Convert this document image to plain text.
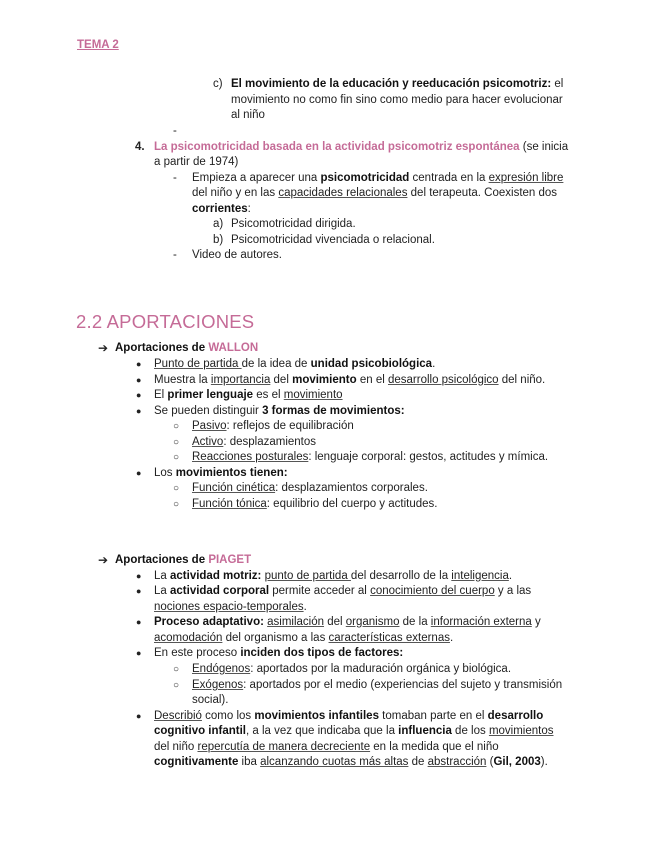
TEMA 2
c) El movimiento de la educación y reeducación psicomotriz: el
movimiento no como fin sino como medio para hacer evolucionar
al niño
-
4. La psicomotricidad basada en la actividad psicomotriz espontánea (se inicia
a partir de 1974)
- Empieza a aparecer una psicomotricidad centrada en la expresión libre
del niño y en las capacidades relacionales del terapeuta. Coexisten dos
corrientes:
a) Psicomotricidad dirigida.
b) Psicomotricidad vivenciada o relacional.
- Video de autores.
2.2 APORTACIONES
➔ Aportaciones de WALLON
● Punto de partida de la idea de unidad psicobiológica.
● Muestra la importancia del movimiento en el desarrollo psicológico del niño.
● El primer lenguaje es el movimiento
● Se pueden distinguir 3 formas de movimientos:
○ Pasivo: reflejos de equilibración
○ Activo: desplazamientos
○ Reacciones posturales: lenguaje corporal: gestos, actitudes y mímica.
● Los movimientos tienen:
○ Función cinética: desplazamientos corporales.
○ Función tónica: equilibrio del cuerpo y actitudes.
➔ Aportaciones de PIAGET
● La actividad motriz: punto de partida del desarrollo de la inteligencia.
● La actividad corporal permite acceder al conocimiento del cuerpo y a las
nociones espacio-temporales.
● Proceso adaptativo: asimilación del organismo de la información externa y
acomodación del organismo a las características externas.
● En este proceso inciden dos tipos de factores:
○ Endógenos: aportados por la maduración orgánica y biológica.
○ Exógenos: aportados por el medio (experiencias del sujeto y transmisión
social).
● Describió como los movimientos infantiles tomaban parte en el desarrollo
cognitivo infantil, a la vez que indicaba que la influencia de los movimientos
del niño repercutía de manera decreciente en la medida que el niño
cognitivamente iba alcanzando cuotas más altas de abstracción (Gil, 2003).
